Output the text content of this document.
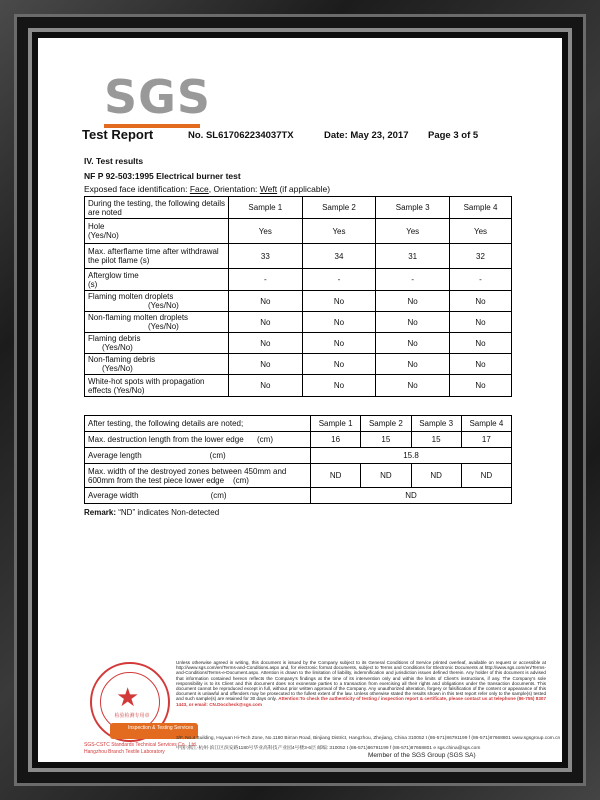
SGS
Test Report	No. SL617062234037TX	Date: May 23, 2017 Page 3 of 5
IV. Test results
NF P 92-503:1995 Electrical burner test
Exposed face identification: Face, Orientation: Weft (if applicable)
During the testing, the following details are noted	Sample 1	Sample 2	Sample 3	Sample 4
Hole
(Yes/No)	Yes	Yes	Yes	Yes
Max. afterflame time after withdrawal the pilot flame (s)	33	34	31	32
Afterglow time
(s)	-	-	-	-
Flaming molten droplets
(Yes/No)	No	No	No	No
Non-flaming molten droplets
(Yes/No)	No	No	No	No
Flaming debris
(Yes/No)	No	No	No	No
Non-flaming debris
(Yes/No)	No	No	No	No
White-hot spots with propagation effects (Yes/No)	No	No	No	No
After testing, the following details are noted;	Sample 1	Sample 2	Sample 3	Sample 4
Max. destruction length from the lower edge (cm)	16	15	15	17
Average length (cm)	15.8			
Max. width of the destroyed zones between 450mm and 600mm from the test piece lower edge (cm)	ND	ND	ND	ND
Average width (cm)	ND			
Remark: “ND” indicates Non-detected
★
检验检测专用章
Inspection & Testing Services
SGS-CSTC Standards Technical Services Co., Ltd.
Hangzhou Branch Textile Laboratory
Unless otherwise agreed in writing, this document is issued by the Company subject to its General Conditions of Service printed overleaf, available on request or accessible at http://www.sgs.com/en/Terms-and-Conditions.aspx and, for electronic format documents, subject to Terms and Conditions for Electronic Documents at http://www.sgs.com/en/Terms-and-Conditions/Terms-e-Document.aspx. Attention is drawn to the limitation of liability, indemnification and jurisdiction issues defined therein. Any holder of this document is advised that information contained hereon reflects the Company's findings at the time of its intervention only and within the limits of Client's instructions, if any. The Company's sole responsibility is to its Client and this document does not exonerate parties to a transaction from exercising all their rights and obligations under the transaction documents. This document cannot be reproduced except in full, without prior written approval of the Company. Any unauthorized alteration, forgery or falsification of the content or appearance of this document is unlawful and offenders may be prosecuted to the fullest extent of the law. Unless otherwise stated the results shown in this test report refer only to the sample(s) tested and such sample(s) are retained for 30 days only. Attention:To check the authenticity of testing / inspection report & certificate, please contact us at telephone (86-755) 8307 1443, or email: CN.Doccheck@sgs.com
3/F, No.4 Building, Huyuan Hi-Tech Zone, No.1180 Bin'an Road, Binjiang District, Hangzhou, Zhejiang, China 310052 t (86-571)86791199 f (86-571)87668801 www.sgsgroup.com.cn
中国·浙江·杭州·滨江区滨安路1180号华业高科技产业园4号楼3-6层 邮编: 310052 t (86-571)86791199 f (86-571)87668801 e sgs.china@sgs.com
Member of the SGS Group (SGS SA)
